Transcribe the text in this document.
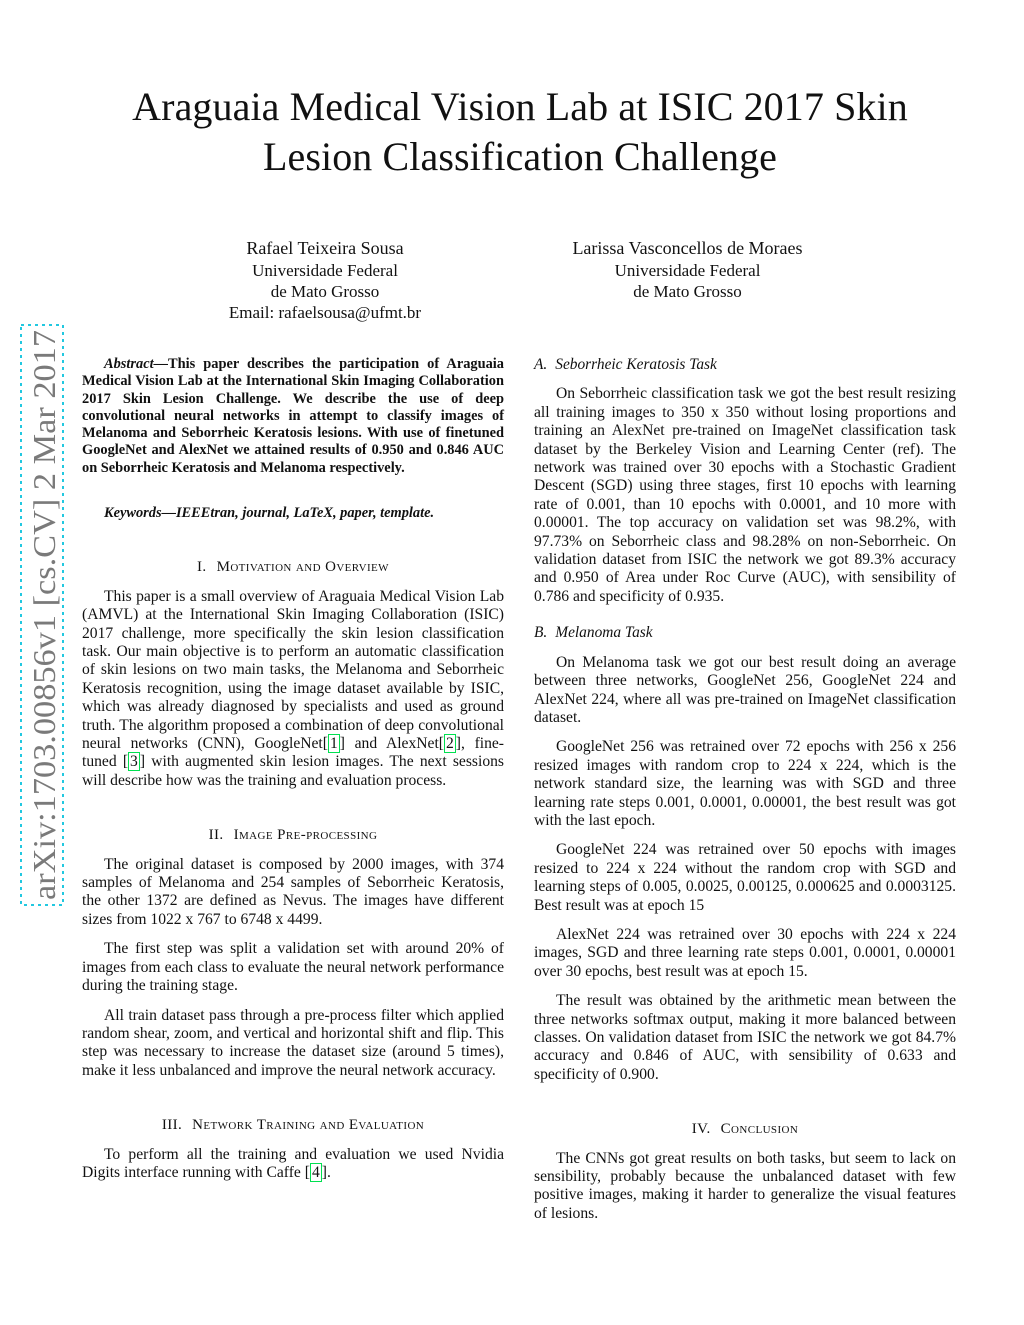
arXiv:1703.00856v1 [cs.CV] 2 Mar 2017
Araguaia Medical Vision Lab at ISIC 2017 Skin Lesion Classification Challenge
Rafael Teixeira Sousa
Universidade Federal
de Mato Grosso
Email: rafaelsousa@ufmt.br
Larissa Vasconcellos de Moraes
Universidade Federal
de Mato Grosso

Abstract—This paper describes the participation of Araguaia Medical Vision Lab at the International Skin Imaging Collaboration 2017 Skin Lesion Challenge. We describe the use of deep convolutional neural networks in attempt to classify images of Melanoma and Seborrheic Keratosis lesions. With use of finetuned GoogleNet and AlexNet we attained results of 0.950 and 0.846 AUC on Seborrheic Keratosis and Melanoma respectively.

Keywords—IEEEtran, journal, LaTeX, paper, template.

I. Motivation and Overview

This paper is a small overview of Araguaia Medical Vision Lab (AMVL) at the International Skin Imaging Collaboration (ISIC) 2017 challenge, more specifically the skin lesion classification task. Our main objective is to perform an automatic classification of skin lesions on two main tasks, the Melanoma and Seborrheic Keratosis recognition, using the image dataset available by ISIC, which was already diagnosed by specialists and used as ground truth. The algorithm proposed a combination of deep convolutional neural networks (CNN), GoogleNet[ 1 ] and AlexNet[ 2 ], fine-tuned [ 3 ] with augmented skin lesion images. The next sessions will describe how was the training and evaluation process.

II. Image Pre-processing

The original dataset is composed by 2000 images, with 374 samples of Melanoma and 254 samples of Seborrheic Keratosis, the other 1372 are defined as Nevus. The images have different sizes from 1022 x 767 to 6748 x 4499.

The first step was split a validation set with around 20% of images from each class to evaluate the neural network performance during the training stage.

All train dataset pass through a pre-process filter which applied random shear, zoom, and vertical and horizontal shift and flip. This step was necessary to increase the dataset size (around 5 times), make it less unbalanced and improve the neural network accuracy.

III. Network Training and Evaluation

To perform all the training and evaluation we used Nvidia Digits interface running with Caffe [ 4 ].

A. Seborrheic Keratosis Task

On Seborrheic classification task we got the best result resizing all training images to 350 x 350 without losing proportions and training an AlexNet pre-trained on ImageNet classification task dataset by the Berkeley Vision and Learning Center (ref). The network was trained over 30 epochs with a Stochastic Gradient Descent (SGD) using three stages, first 10 epochs with learning rate of 0.001, than 10 epochs with 0.0001, and 10 more with 0.00001. The top accuracy on validation set was 98.2%, with 97.73% on Seborrheic class and 98.28% on non-Seborrheic. On validation dataset from ISIC the network we got 89.3% accuracy and 0.950 of Area under Roc Curve (AUC), with sensibility of 0.786 and specificity of 0.935.

B. Melanoma Task

On Melanoma task we got our best result doing an average between three networks, GoogleNet 256, GoogleNet 224 and AlexNet 224, where all was pre-trained on ImageNet classification dataset.

GoogleNet 256 was retrained over 72 epochs with 256 x 256 resized images with random crop to 224 x 224, which is the network standard size, the learning was with SGD and three learning rate steps 0.001, 0.0001, 0.00001, the best result was got with the last epoch.

GoogleNet 224 was retrained over 50 epochs with images resized to 224 x 224 without the random crop with SGD and learning steps of 0.005, 0.0025, 0.00125, 0.000625 and 0.0003125. Best result was at epoch 15

AlexNet 224 was retrained over 30 epochs with 224 x 224 images, SGD and three learning rate steps 0.001, 0.0001, 0.00001 over 30 epochs, best result was at epoch 15.

The result was obtained by the arithmetic mean between the three networks softmax output, making it more balanced between classes. On validation dataset from ISIC the network we got 84.7% accuracy and 0.846 of AUC, with sensibility of 0.633 and specificity of 0.900.

IV. Conclusion

The CNNs got great results on both tasks, but seem to lack on sensibility, probably because the unbalanced dataset with few positive images, making it harder to generalize the visual features of lesions.
